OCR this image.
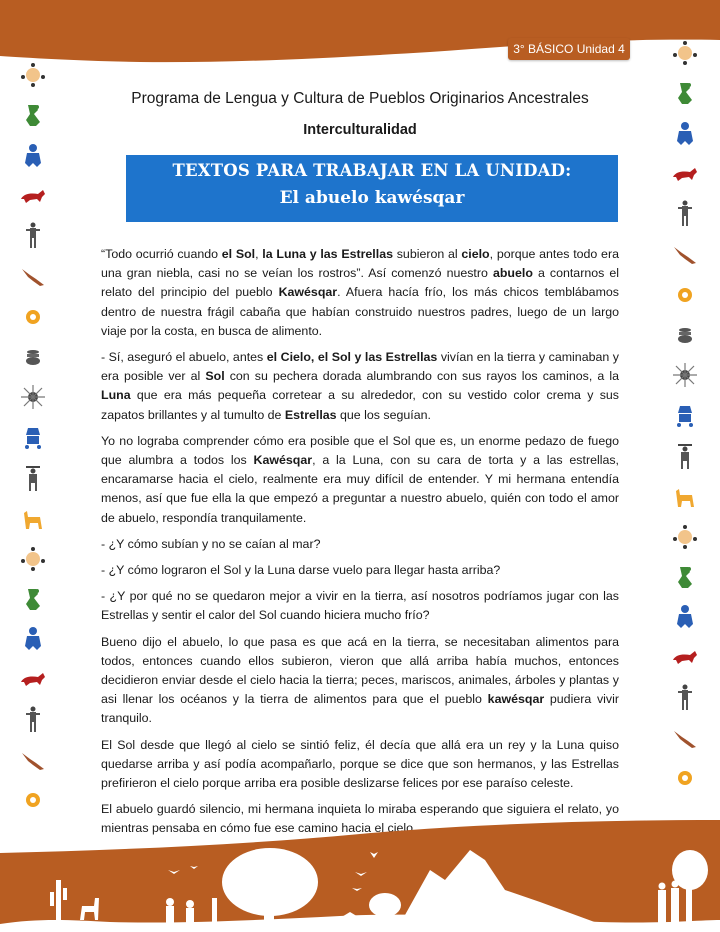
3° BÁSICO Unidad 4
Programa de Lengua y Cultura de Pueblos Originarios Ancestrales
Interculturalidad
TEXTOS PARA TRABAJAR EN LA UNIDAD:
El abuelo kawésqar

“Todo ocurrió cuando el Sol, la Luna y las Estrellas subieron al cielo, porque antes todo era una gran niebla, casi no se veían los rostros”. Así comenzó nuestro abuelo a contarnos el relato del principio del pueblo Kawésqar. Afuera hacía frío, los más chicos temblábamos dentro de nuestra frágil cabaña que habían construido nuestros padres, luego de un largo viaje por la costa, en busca de alimento.

- Sí, aseguró el abuelo, antes el Cielo, el Sol y las Estrellas vivían en la tierra y caminaban y era posible ver al Sol con su pechera dorada alumbrando con sus rayos los caminos, a la Luna que era más pequeña corretear a su alrededor, con su vestido color crema y sus zapatos brillantes y al tumulto de Estrellas que los seguían.

Yo no lograba comprender cómo era posible que el Sol que es, un enorme pedazo de fuego que alumbra a todos los Kawésqar, a la Luna, con su cara de torta y a las estrellas, encaramarse hacia el cielo, realmente era muy difícil de entender. Y mi hermana entendía menos, así que fue ella la que empezó a preguntar a nuestro abuelo, quién con todo el amor de abuelo, respondía tranquilamente.

- ¿Y cómo subían y no se caían al mar?

- ¿Y cómo lograron el Sol y la Luna darse vuelo para llegar hasta arriba?

- ¿Y por qué no se quedaron mejor a vivir en la tierra, así nosotros podríamos jugar con las Estrellas y sentir el calor del Sol cuando hiciera mucho frío?

Bueno dijo el abuelo, lo que pasa es que acá en la tierra, se necesitaban alimentos para todos, entonces cuando ellos subieron, vieron que allá arriba había muchos, entonces decidieron enviar desde el cielo hacia la tierra; peces, mariscos, animales, árboles y plantas y asi llenar los océanos y la tierra de alimentos para que el pueblo kawésqar pudiera vivir tranquilo.

El Sol desde que llegó al cielo se sintió feliz, él decía que allá era un rey y la Luna quiso quedarse arriba y así podía acompañarlo, porque se dice que son hermanos, y las Estrellas prefirieron el cielo porque arriba era posible deslizarse felices por ese paraíso celeste.

El abuelo guardó silencio, mi hermana inquieta lo miraba esperando que siguiera el relato, yo mientras pensaba en cómo fue ese camino hacia el cielo.
